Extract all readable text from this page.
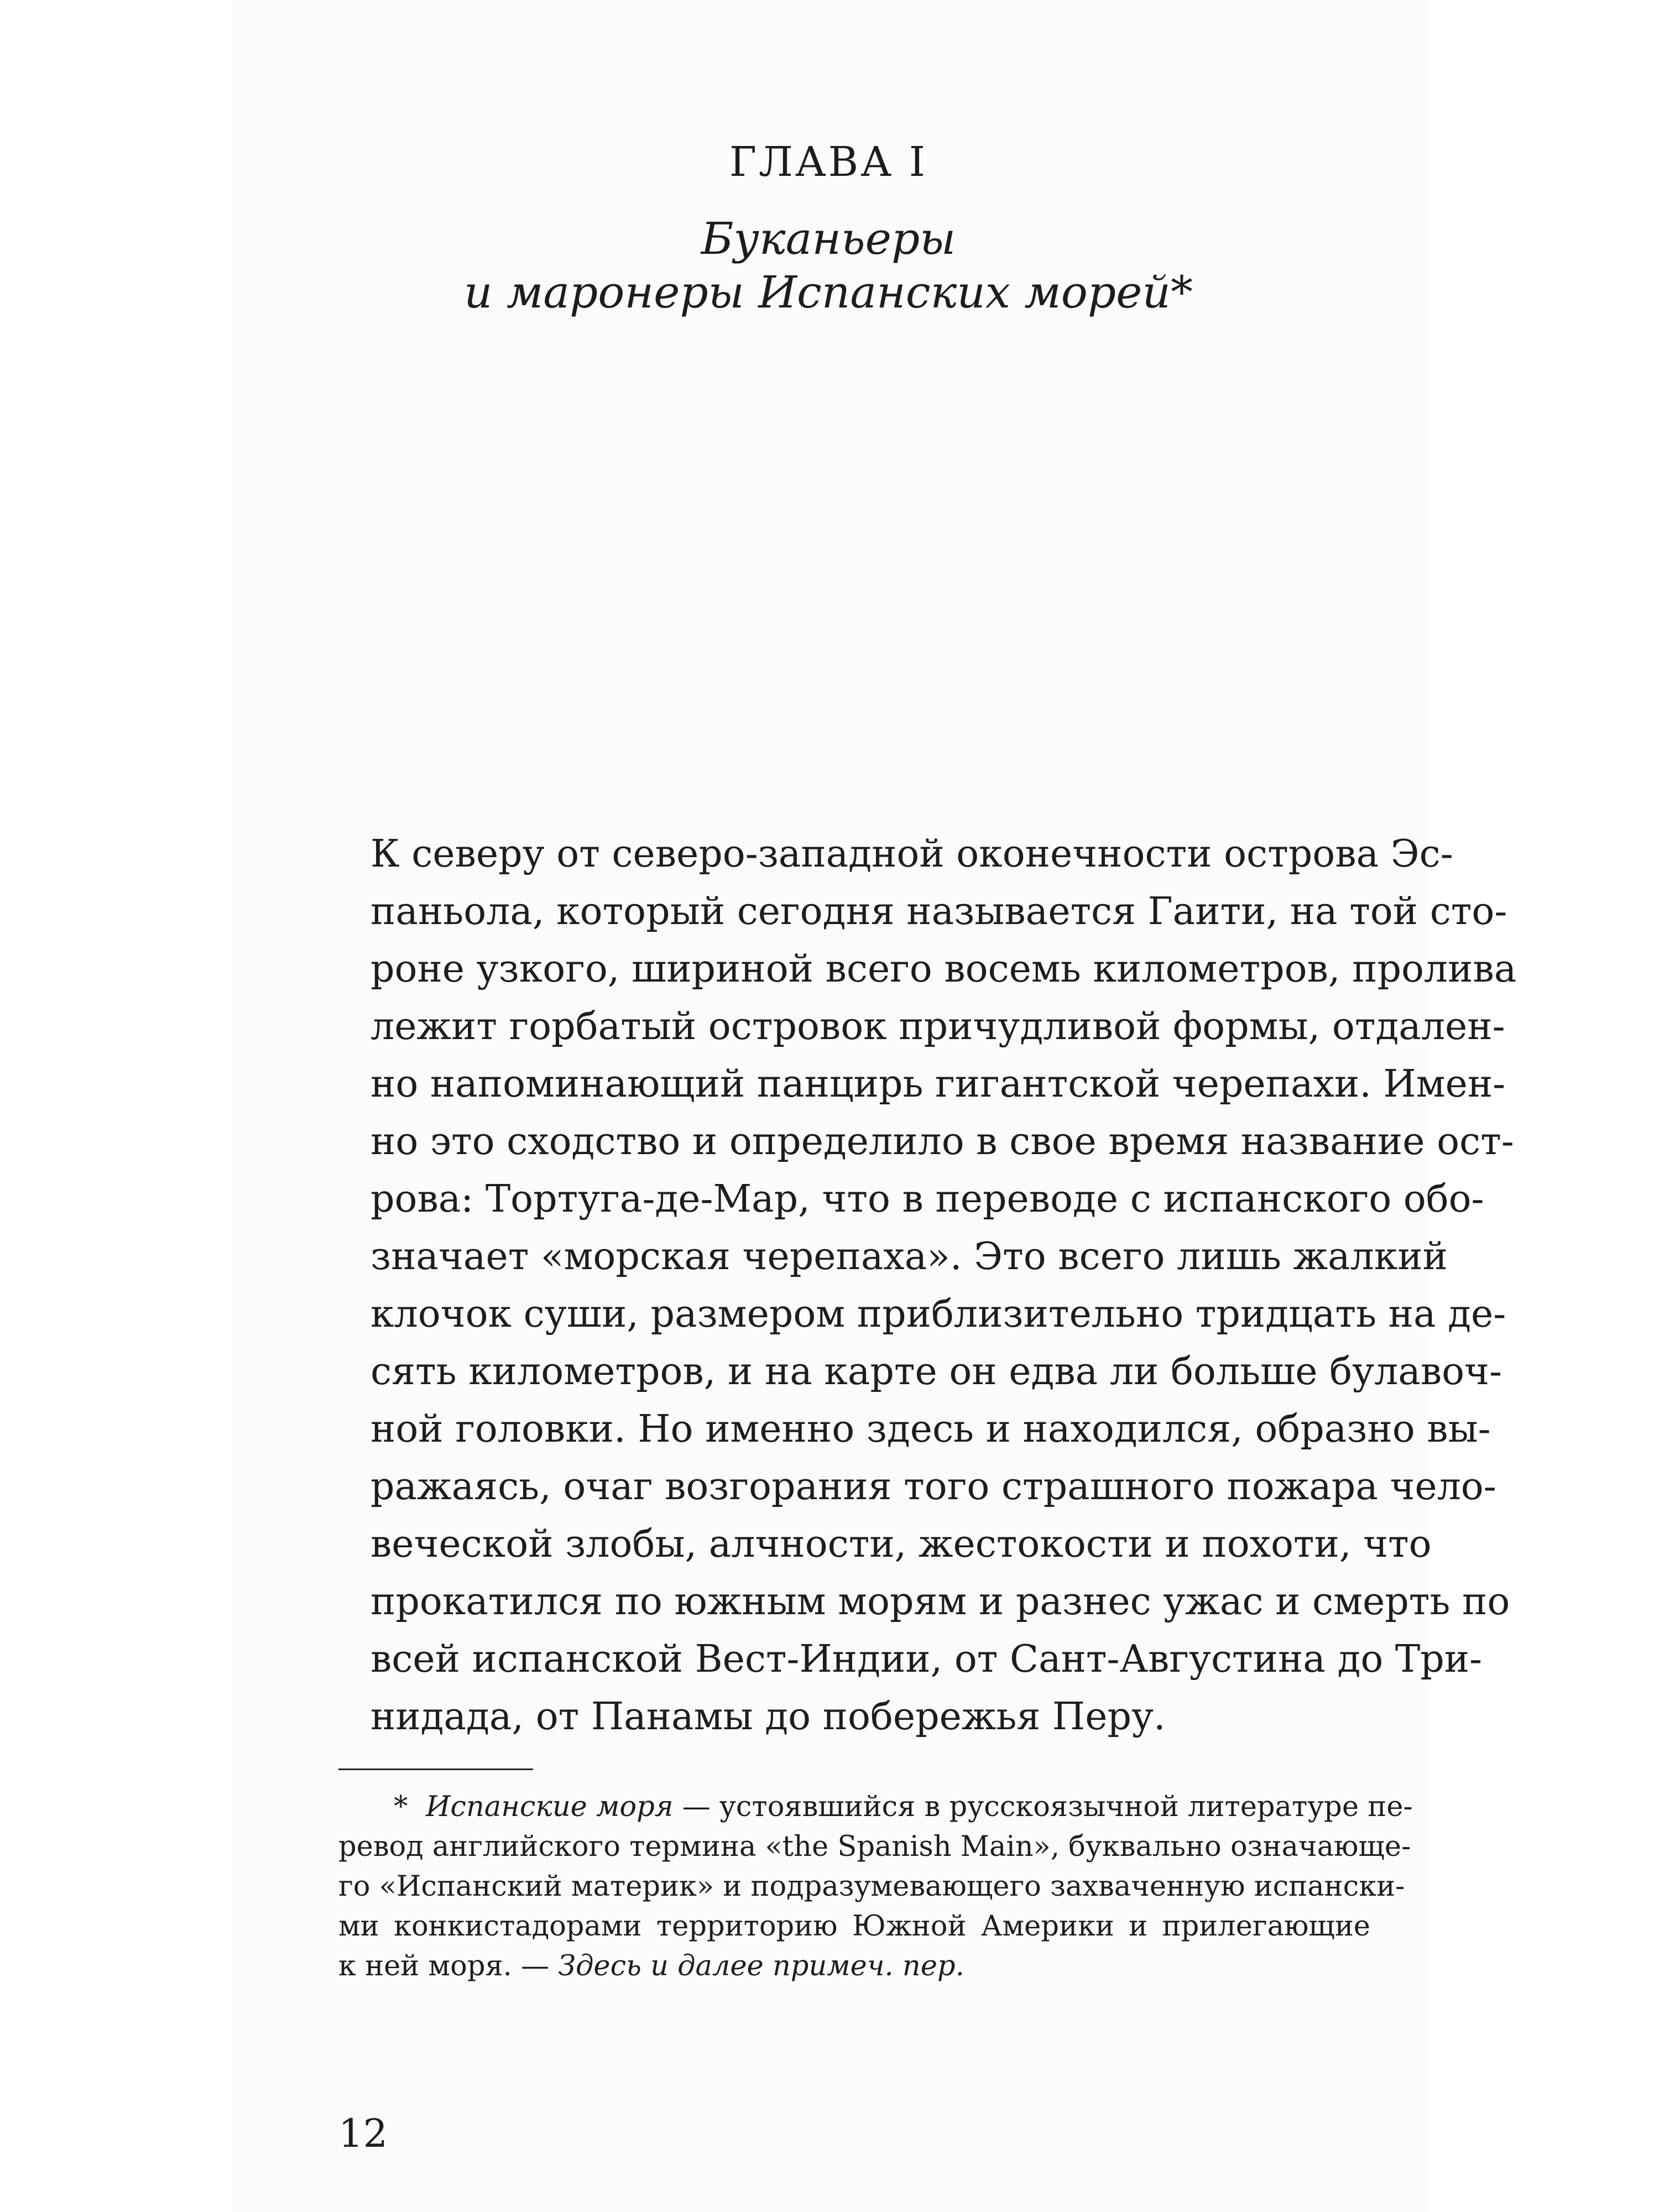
ГЛАВА I
Буканьеры
и маронеры Испанских морей*
К северу от северо-западной оконечности острова Эс-
паньола, который сегодня называется Гаити, на той сто-
роне узкого, шириной всего восемь километров, пролива
лежит горбатый островок причудливой формы, отдален-
но напоминающий панцирь гигантской черепахи. Имен-
но это сходство и определило в свое время название ост-
рова: Тортуга-де-Мар, что в переводе с испанского обо-
значает «морская черепаха». Это всего лишь жалкий
клочок суши, размером приблизительно тридцать на де-
сять километров, и на карте он едва ли больше булавоч-
ной головки. Но именно здесь и находился, образно вы-
ражаясь, очаг возгорания того страшного пожара чело-
веческой злобы, алчности, жестокости и похоти, что
прокатился по южным морям и разнес ужас и смерть по
всей испанской Вест-Индии, от Сант-Августина до Три-
нидада, от Панамы до побережья Перу.
* Испанские моря — устоявшийся в русскоязычной литературе пе-
ревод английского термина «the Spanish Main», буквально означающе-
го «Испанский материк» и подразумевающего захваченную испански-
ми конкистадорами территорию Южной Америки и прилегающие
к ней моря. — Здесь и далее примеч. пер.
12
